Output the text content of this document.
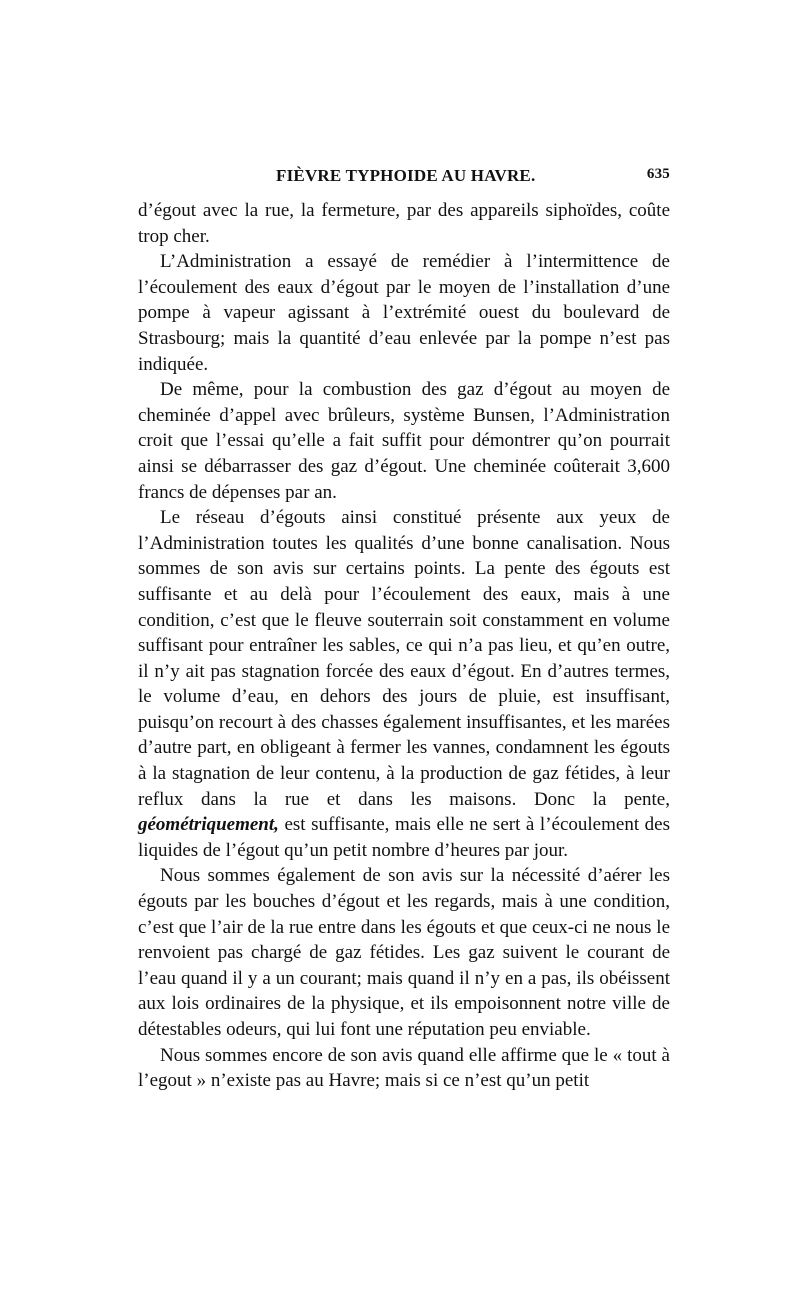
FIÈVRE TYPHOIDE AU HAVRE.	635

d’égout avec la rue, la fermeture, par des appareils siphoïdes, coûte trop cher.

L’Administration a essayé de remédier à l’intermittence de l’écoulement des eaux d’égout par le moyen de l’installation d’une pompe à vapeur agissant à l’extrémité ouest du boulevard de Strasbourg; mais la quantité d’eau enlevée par la pompe n’est pas indiquée.

De même, pour la combustion des gaz d’égout au moyen de cheminée d’appel avec brûleurs, système Bunsen, l’Administration croit que l’essai qu’elle a fait suffit pour démontrer qu’on pourrait ainsi se débarrasser des gaz d’égout. Une cheminée coûterait 3,600 francs de dépenses par an.

Le réseau d’égouts ainsi constitué présente aux yeux de l’Administration toutes les qualités d’une bonne canalisation. Nous sommes de son avis sur certains points. La pente des égouts est suffisante et au delà pour l’écoulement des eaux, mais à une condition, c’est que le fleuve souterrain soit constamment en volume suffisant pour entraîner les sables, ce qui n’a pas lieu, et qu’en outre, il n’y ait pas stagnation forcée des eaux d’égout. En d’autres termes, le volume d’eau, en dehors des jours de pluie, est insuffisant, puisqu’on recourt à des chasses également insuffisantes, et les marées d’autre part, en obligeant à fermer les vannes, condamnent les égouts à la stagnation de leur contenu, à la production de gaz fétides, à leur reflux dans la rue et dans les maisons. Donc la pente, géométriquement, est suffisante, mais elle ne sert à l’écoulement des liquides de l’égout qu’un petit nombre d’heures par jour.

Nous sommes également de son avis sur la nécessité d’aérer les égouts par les bouches d’égout et les regards, mais à une condition, c’est que l’air de la rue entre dans les égouts et que ceux-ci ne nous le renvoient pas chargé de gaz fétides. Les gaz suivent le courant de l’eau quand il y a un courant; mais quand il n’y en a pas, ils obéissent aux lois ordinaires de la physique, et ils empoisonnent notre ville de détestables odeurs, qui lui font une réputation peu enviable.

Nous sommes encore de son avis quand elle affirme que le « tout à l’egout » n’existe pas au Havre; mais si ce n’est qu’un petit
